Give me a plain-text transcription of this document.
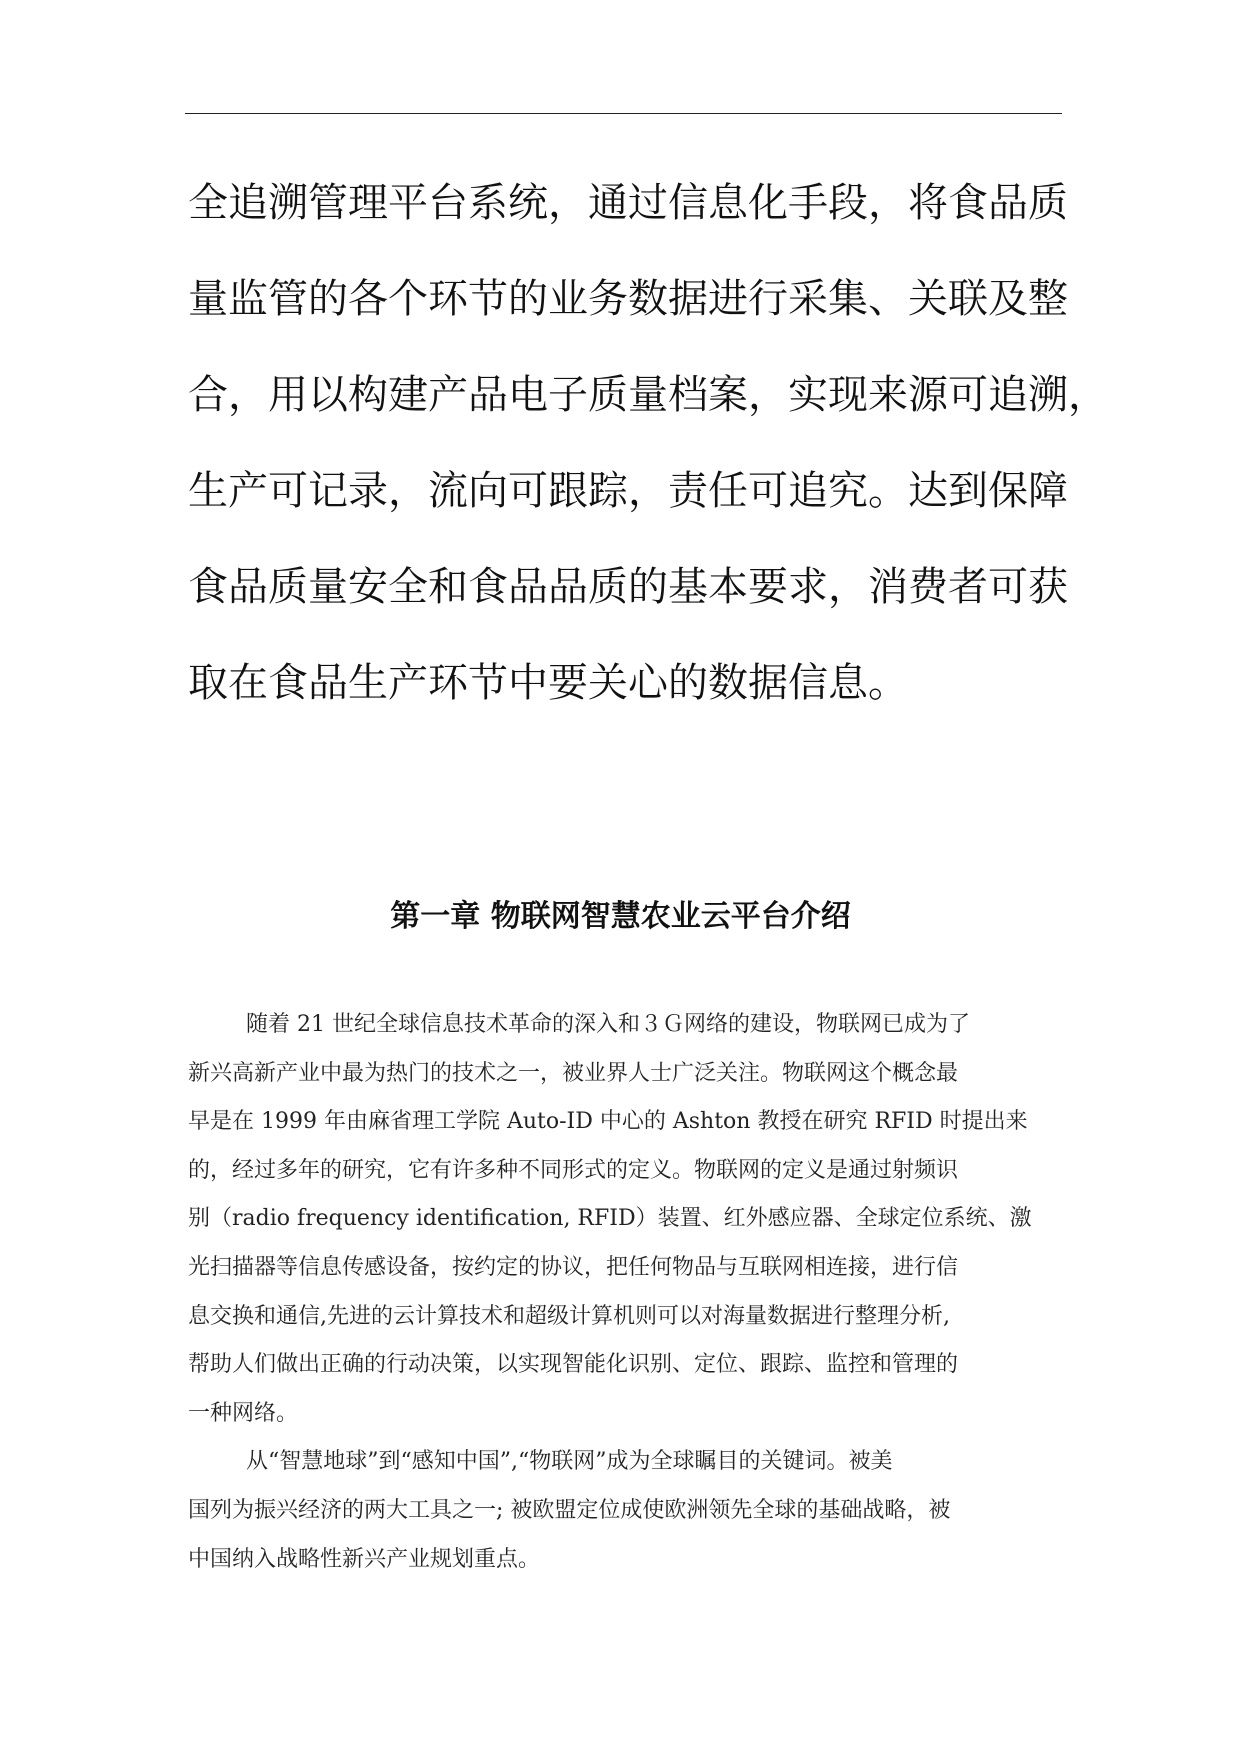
全追溯管理平台系统，通过信息化手段，将食品质
量监管的各个环节的业务数据进行采集、关联及整
合，用以构建产品电子质量档案，实现来源可追溯，
生产可记录，流向可跟踪，责任可追究。达到保障
食品质量安全和食品品质的基本要求，消费者可获
取在食品生产环节中要关心的数据信息。
第一章 物联网智慧农业云平台介绍
随着 21 世纪全球信息技术革命的深入和３Ｇ网络的建设，物联网已成为了
新兴高新产业中最为热门的技术之一，被业界人士广泛关注。物联网这个概念最
早是在 1999 年由麻省理工学院 Auto-ID 中心的 Ashton 教授在研究 RFID 时提出来
的，经过多年的研究，它有许多种不同形式的定义。物联网的定义是通过射频识
别（radio frequency identification, RFID）装置、红外感应器、全球定位系统、激
光扫描器等信息传感设备，按约定的协议，把任何物品与互联网相连接，进行信
息交换和通信,先进的云计算技术和超级计算机则可以对海量数据进行整理分析,
帮助人们做出正确的行动决策，以实现智能化识别、定位、跟踪、监控和管理的
一种网络。
从“智慧地球”到“感知中国”,“物联网”成为全球瞩目的关键词。被美
国列为振兴经济的两大工具之一; 被欧盟定位成使欧洲领先全球的基础战略，被
中国纳入战略性新兴产业规划重点。
